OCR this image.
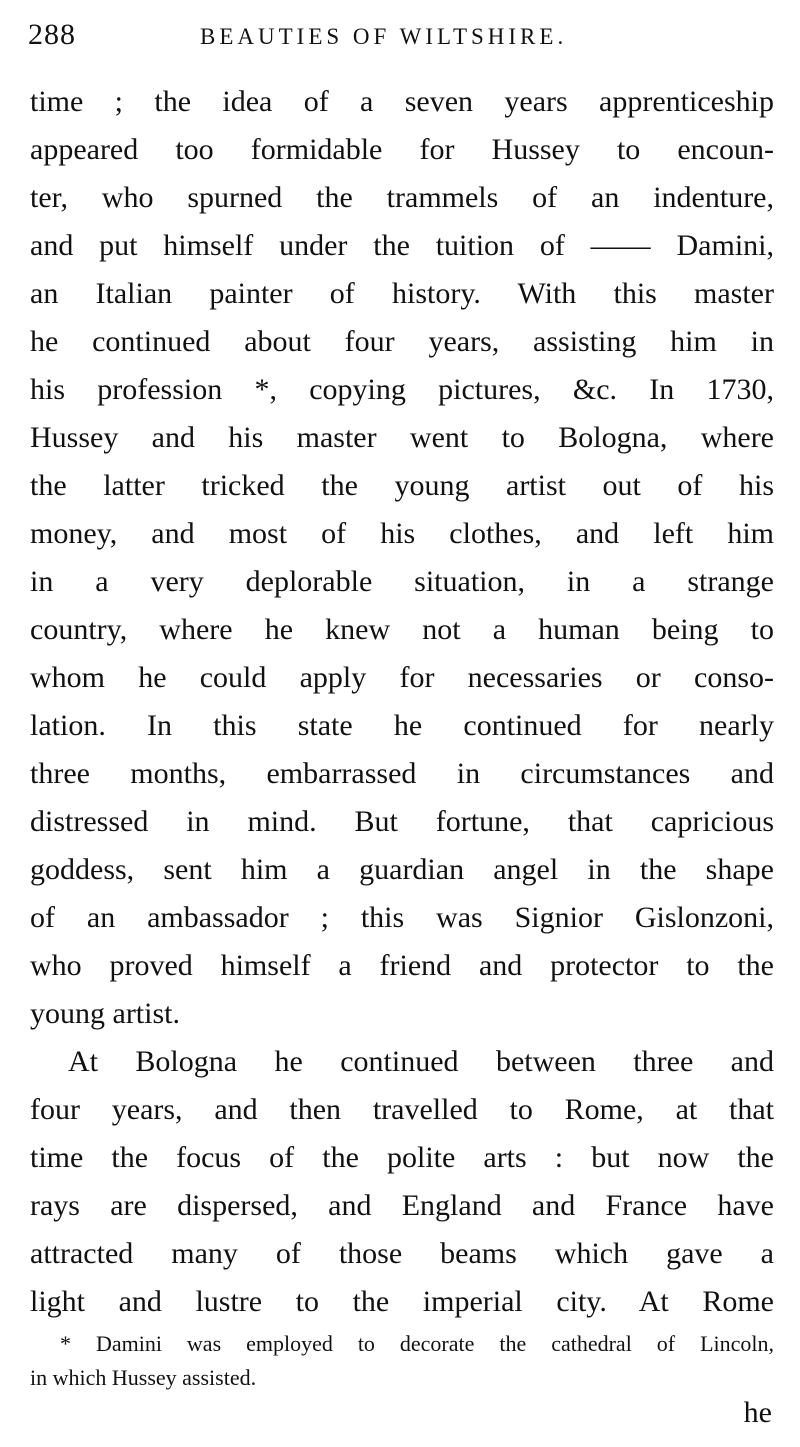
288	BEAUTIES OF WILTSHIRE.
time ; the idea of a seven years apprenticeship
appeared too formidable for Hussey to encoun-
ter, who spurned the trammels of an indenture,
and put himself under the tuition of —— Damini,
an Italian painter of history. With this master
he continued about four years, assisting him in
his profession *, copying pictures, &c. In 1730,
Hussey and his master went to Bologna, where
the latter tricked the young artist out of his
money, and most of his clothes, and left him
in a very deplorable situation, in a strange
country, where he knew not a human being to
whom he could apply for necessaries or conso-
lation. In this state he continued for nearly
three months, embarrassed in circumstances and
distressed in mind. But fortune, that capricious
goddess, sent him a guardian angel in the shape
of an ambassador ; this was Signior Gislonzoni,
who proved himself a friend and protector to the
young artist.
At Bologna he continued between three and
four years, and then travelled to Rome, at that
time the focus of the polite arts : but now the
rays are dispersed, and England and France have
attracted many of those beams which gave a
light and lustre to the imperial city. At Rome
* Damini was employed to decorate the cathedral of Lincoln,
in which Hussey assisted.
he
